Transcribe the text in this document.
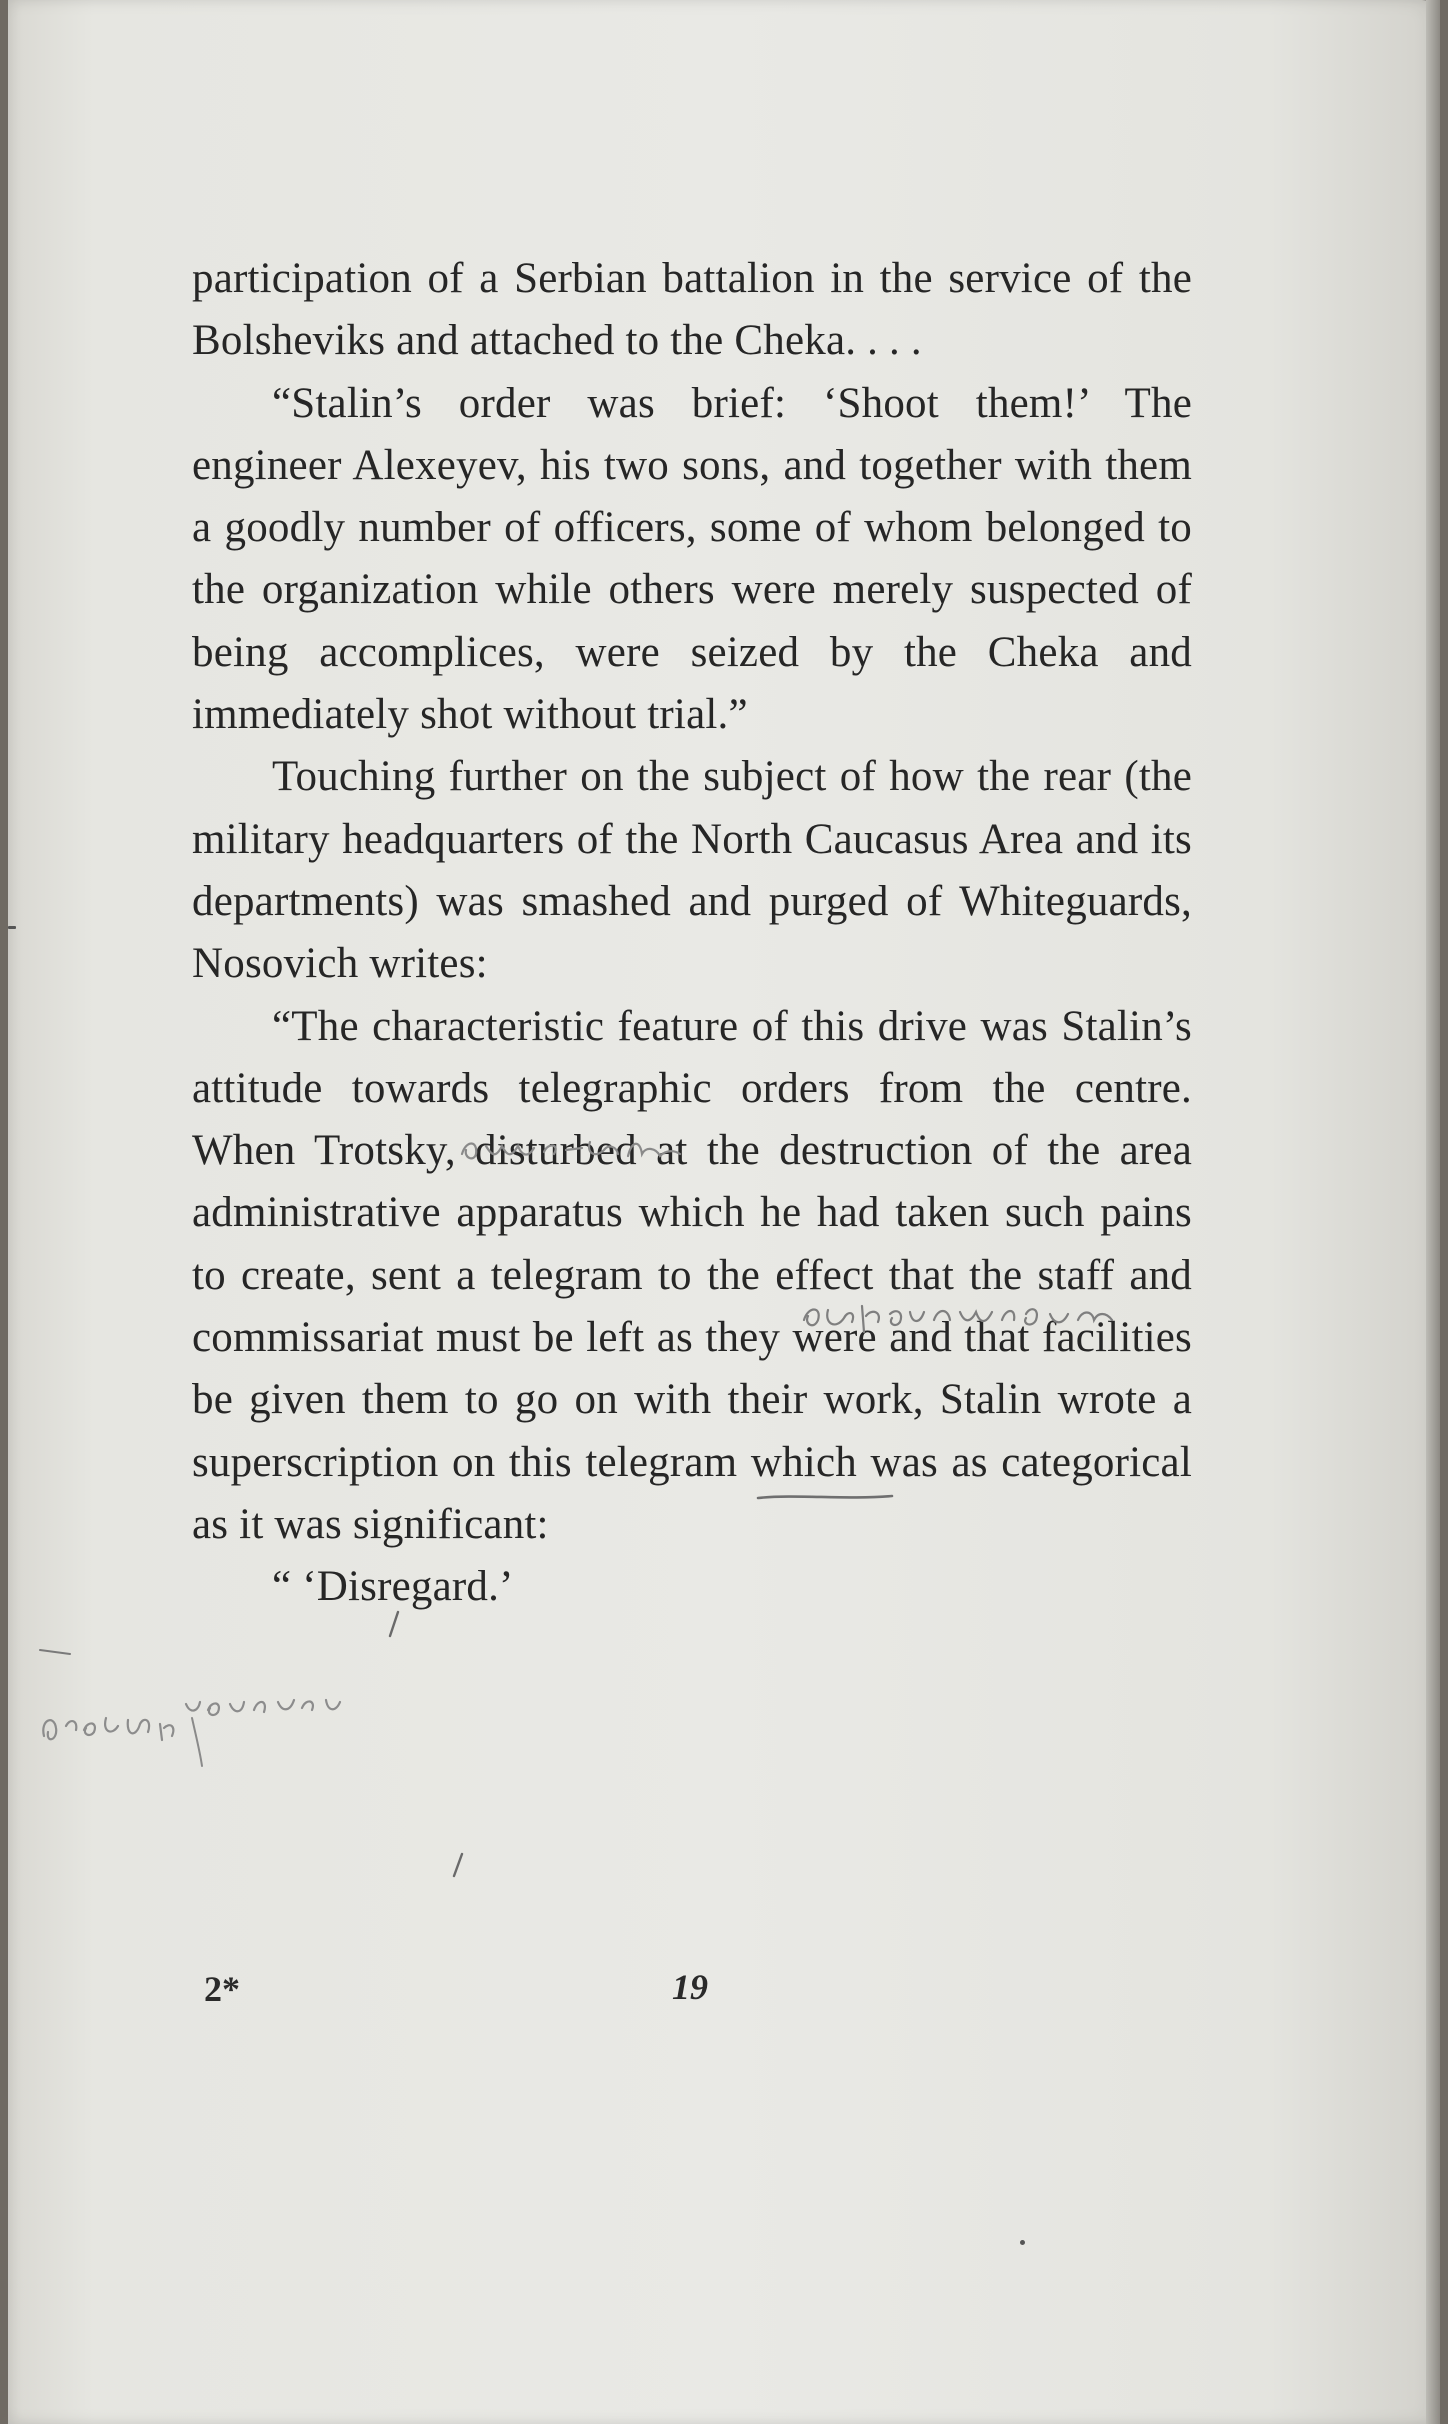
participation of a Serbian battalion in the service of the Bolsheviks and attached to the Cheka. . . .

“Stalin’s order was brief: ‘Shoot them!’ The engineer Alexeyev, his two sons, and together with them a goodly number of officers, some of whom belonged to the organization while others were merely suspected of being accomplices, were seized by the Cheka and immediately shot without trial.”

Touching further on the subject of how the rear (the military headquarters of the North Caucasus Area and its departments) was smashed and purged of Whiteguards, Nosovich writes:

“The characteristic feature of this drive was Stalin’s attitude towards telegraphic orders from the centre. When Trotsky, disturbed at the destruction of the area administrative apparatus which he had taken such pains to create, sent a telegram to the effect that the staff and commissariat must be left as they were and that facilities be given them to go on with their work, Stalin wrote a superscription on this telegram which was as categorical as it was significant:

“ ‘Disregard.’

2*	19
